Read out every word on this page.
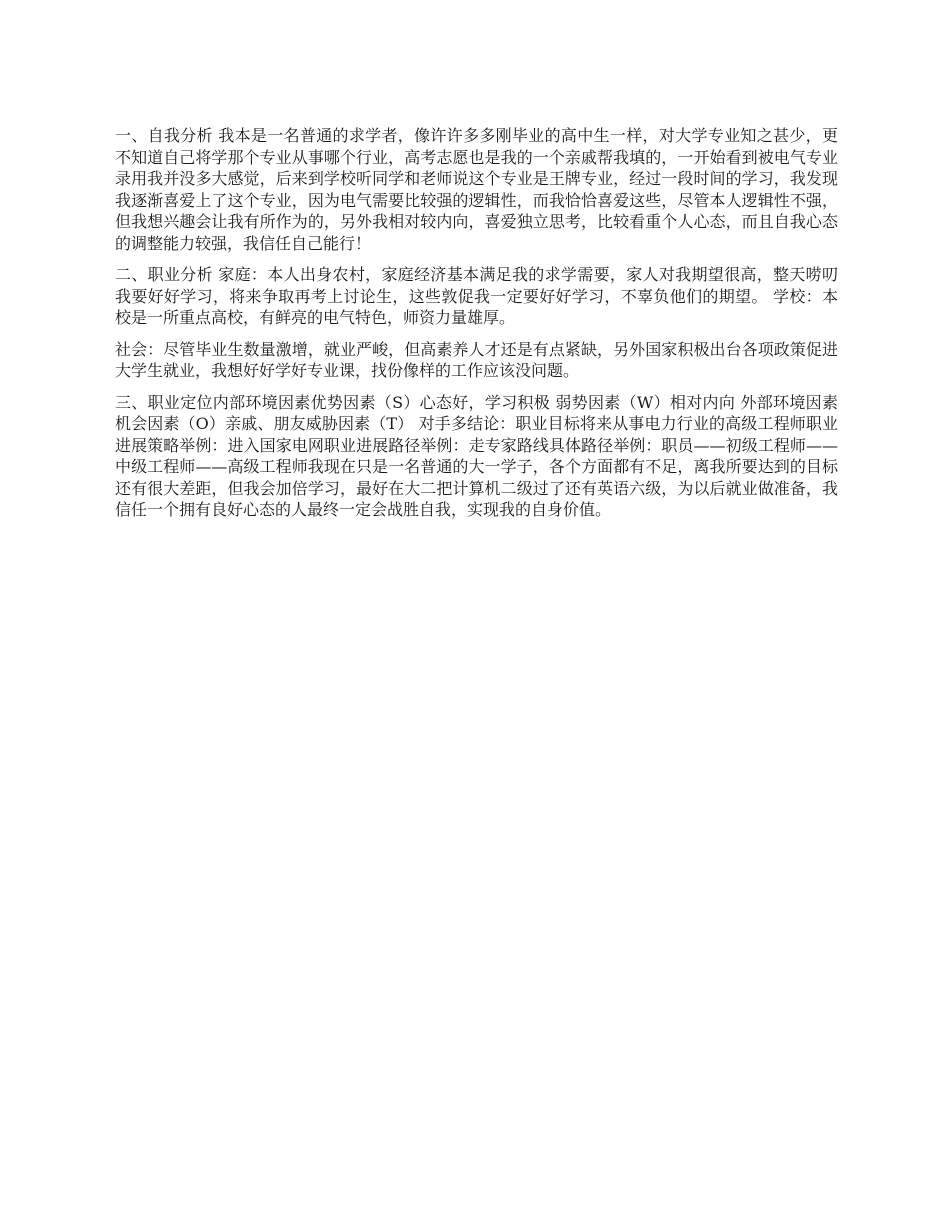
一、自我分析 我本是一名普通的求学者，像许许多多刚毕业的高中生一样，对大学专业知之甚少，更不知道自己将学那个专业从事哪个行业，高考志愿也是我的一个亲戚帮我填的，一开始看到被电气专业录用我并没多大感觉，后来到学校听同学和老师说这个专业是王牌专业，经过一段时间的学习，我发现我逐渐喜爱上了这个专业，因为电气需要比较强的逻辑性，而我恰恰喜爱这些，尽管本人逻辑性不强，但我想兴趣会让我有所作为的，另外我相对较内向，喜爱独立思考，比较看重个人心态，而且自我心态的调整能力较强，我信任自己能行！

二、职业分析 家庭：本人出身农村，家庭经济基本满足我的求学需要，家人对我期望很高，整天唠叨我要好好学习，将来争取再考上讨论生，这些敦促我一定要好好学习，不辜负他们的期望。 学校：本校是一所重点高校，有鲜亮的电气特色，师资力量雄厚。

社会：尽管毕业生数量激增，就业严峻，但高素养人才还是有点紧缺，另外国家积极出台各项政策促进大学生就业，我想好好学好专业课，找份像样的工作应该没问题。

三、职业定位内部环境因素优势因素（S）心态好，学习积极 弱势因素（W）相对内向 外部环境因素机会因素（O）亲戚、朋友威胁因素（T） 对手多结论：职业目标将来从事电力行业的高级工程师职业进展策略举例：进入国家电网职业进展路径举例：走专家路线具体路径举例：职员——初级工程师——中级工程师——高级工程师我现在只是一名普通的大一学子，各个方面都有不足，离我所要达到的目标还有很大差距，但我会加倍学习，最好在大二把计算机二级过了还有英语六级，为以后就业做准备，我信任一个拥有良好心态的人最终一定会战胜自我，实现我的自身价值。
